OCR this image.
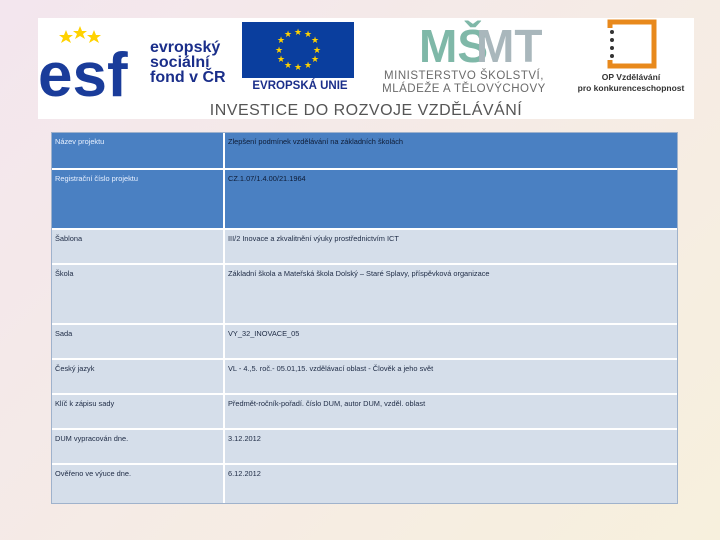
esf evropský
sociální
fond v ČR
★ ★
★
★
★
★
★
★
★
★
★
★
EVROPSKÁ UNIE
MŠ
MT
MINISTERSTVO ŠKOLSTVÍ,
MLÁDEŽE A TĚLOVÝCHOVY
OP Vzdělávání
pro konkurenceschopnost
INVESTICE DO ROZVOJE VZDĚLÁVÁNÍ
Název projektu	Zlepšení podmínek vzdělávání na základních školách
Registrační číslo projektu	CZ.1.07/1.4.00/21.1964
Šablona	III/2 Inovace a zkvalitnění výuky prostřednictvím ICT
Škola	Základní škola a Mateřská škola Dolský – Staré Splavy, příspěvková organizace
Sada	VY_32_INOVACE_05
Český jazyk	VL - 4.,5. roč.- 05.01,15. vzdělávací oblast - Člověk a jeho svět
Klíč k zápisu sady	Předmět-ročník-pořadí. číslo DUM, autor DUM, vzděl. oblast
DUM vypracován dne.	3.12.2012
Ověřeno ve výuce dne.	6.12.2012
